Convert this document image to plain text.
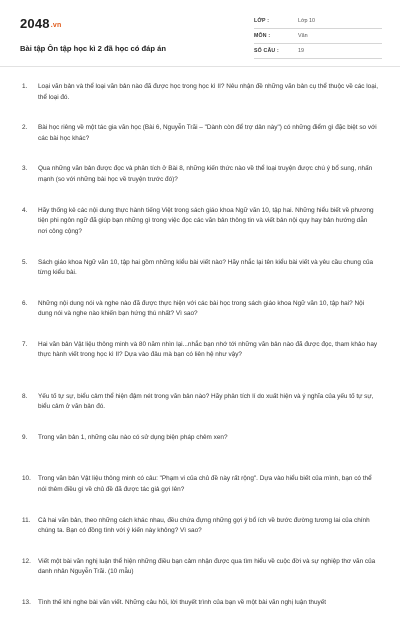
2048.vn
Bài tập Ôn tập học kì 2 đã học có đáp án
LỚP :	Lớp 10
MÔN :	Văn
SỐ CÂU :	19
1.	Loại văn bản và thể loại văn bản nào đã được học trong học kì II? Nêu nhận đề những văn bản cụ thể thuộc về các loại, thể loại đó.
2.	Bài học riêng về một tác gia văn học (Bài 6, Nguyễn Trãi – "Dành còn để trợ dân này") có những điểm gì đặc biệt so với các bài học khác?
3.	Qua những văn bản được đọc và phân tích ở Bài 8, những kiến thức nào về thể loại truyện được chú ý bổ sung, nhấn mạnh (so với những bài học về truyện trước đó)?
4.	Hãy thống kê các nội dung thực hành tiếng Việt trong sách giáo khoa Ngữ văn 10, tập hai. Những hiểu biết về phương tiện phi ngôn ngữ đã giúp bạn những gì trong việc đọc các văn bản thông tin và viết bản nội quy hay bản hướng dẫn nơi công cộng?
5.	Sách giáo khoa Ngữ văn 10, tập hai gồm những kiểu bài viết nào? Hãy nhắc lại tên kiểu bài viết và yêu cầu chung của từng kiểu bài.
6.	Những nội dung nói và nghe nào đã được thực hiện với các bài học trong sách giáo khoa Ngữ văn 10, tập hai? Nội dung nói và nghe nào khiến bạn hứng thú nhất? Vì sao?
7.	Hai văn bản Vật liệu thông minh và 80 năm nhìn lại...nhắc bạn nhớ tới những văn bản nào đã được đọc, tham khảo hay thực hành viết trong học kì II? Dựa vào đâu mà bạn có liên hệ như vậy?
8.	Yếu tố tự sự, biểu cảm thể hiện đậm nét trong văn bản nào? Hãy phân tích lí do xuất hiện và ý nghĩa của yếu tố tự sự, biểu cảm ở văn bản đó.
9.	Trong văn bản 1, những câu nào có sử dụng biện pháp chêm xen?
10.	Trong văn bản Vật liệu thông minh có câu: "Phạm vi của chủ đề này rất rộng". Dựa vào hiểu biết của mình, bạn có thể nói thêm điều gì về chủ đề đã được tác giả gợi lên?
11.	Cả hai văn bản, theo những cách khác nhau, đều chứa đựng những gợi ý bổ ích về bước đường tương lai của chính chúng ta. Bạn có đồng tình với ý kiến này không? Vì sao?
12.	Viết một bài văn nghị luận thể hiện những điều bạn cảm nhận được qua tìm hiểu về cuộc đời và sự nghiệp thơ văn của danh nhân Nguyễn Trãi. (10 mẫu)
13.	Tình thế khi nghe bài văn viết. Những câu hỏi, lời thuyết trình của bạn về một bài văn nghị luận thuyết
